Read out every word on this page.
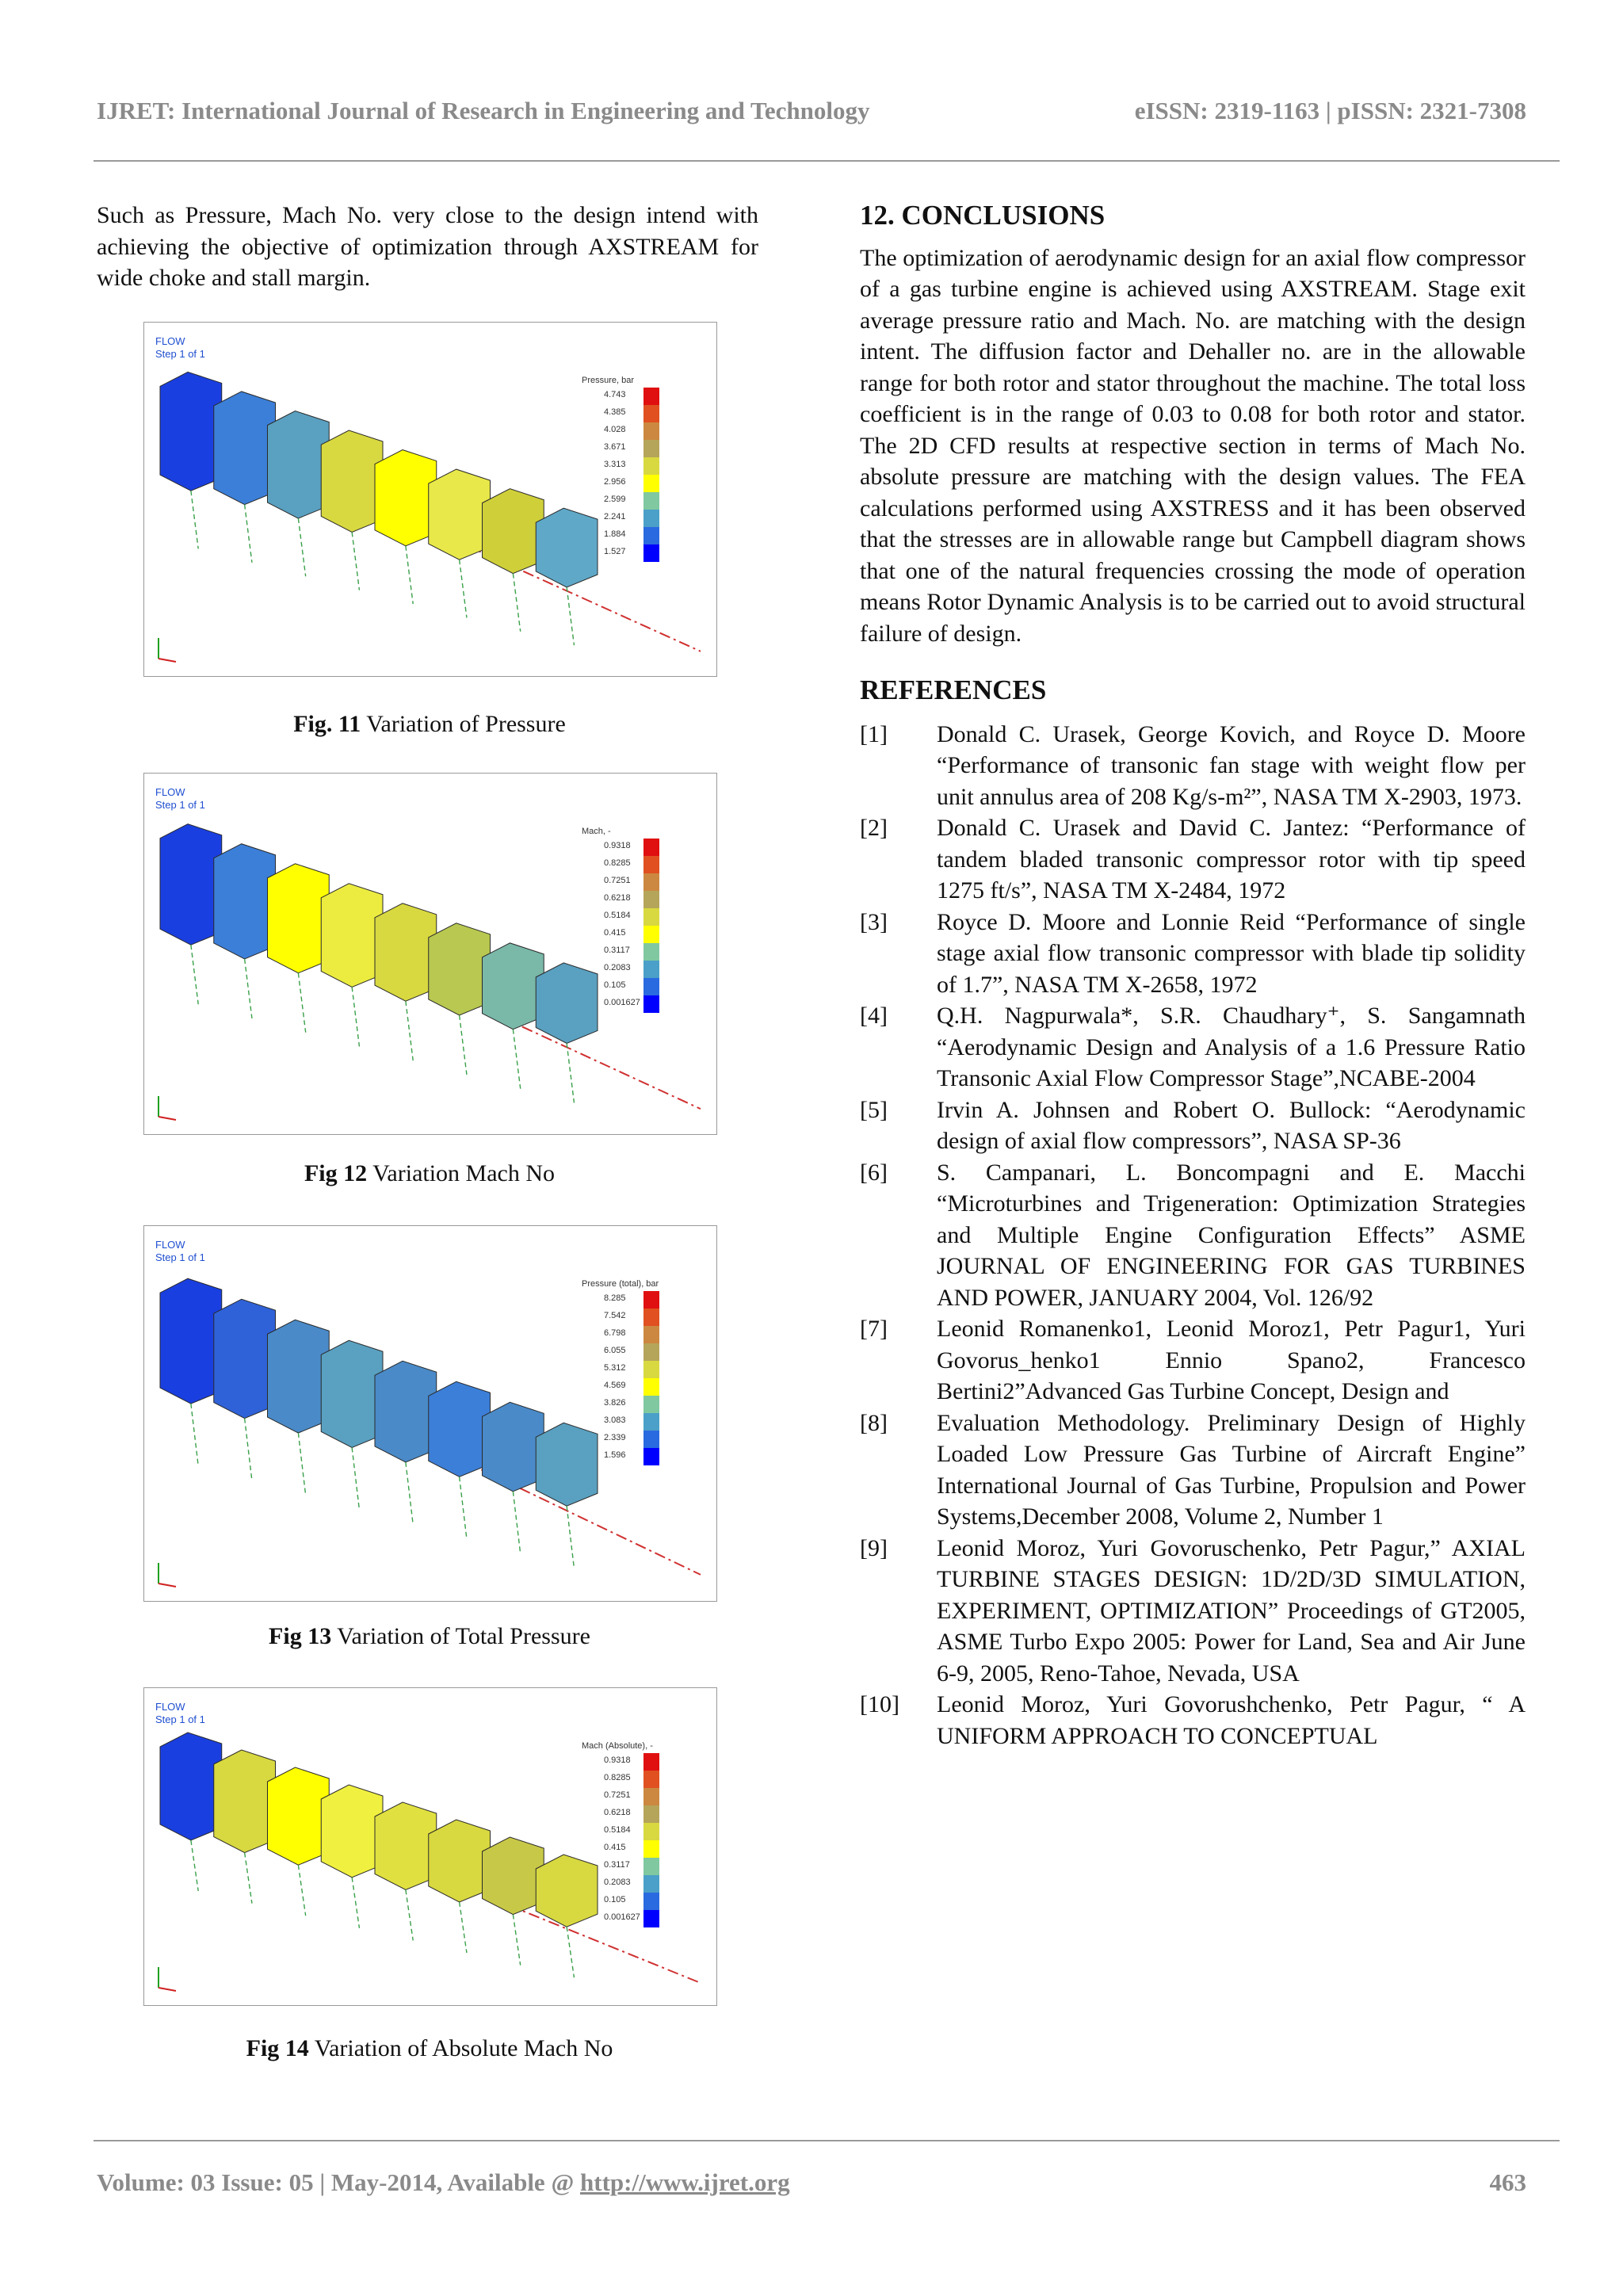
IJRET: International Journal of Research in Engineering and Technology	eISSN: 2319-1163 | pISSN: 2321-7308

Such as Pressure, Mach No. very close to the design intend with achieving the objective of optimization through AXSTREAM for wide choke and stall margin.

FLOW
Step 1 of 1
Pressure, bar
4.743
4.385
4.028
3.671
3.313
2.956
2.599
2.241
1.884
1.527
Fig. 11 Variation of Pressure
FLOW
Step 1 of 1
Mach, -
0.9318
0.8285
0.7251
0.6218
0.5184
0.415
0.3117
0.2083
0.105
0.001627
Fig 12 Variation Mach No
FLOW
Step 1 of 1
Pressure (total), bar
8.285
7.542
6.798
6.055
5.312
4.569
3.826
3.083
2.339
1.596
Fig 13 Variation of Total Pressure
FLOW
Step 1 of 1
Mach (Absolute), -
0.9318
0.8285
0.7251
0.6218
0.5184
0.415
0.3117
0.2083
0.105
0.001627
Fig 14 Variation of Absolute Mach No
12. CONCLUSIONS

The optimization of aerodynamic design for an axial flow compressor of a gas turbine engine is achieved using AXSTREAM. Stage exit average pressure ratio and Mach. No. are matching with the design intent. The diffusion factor and Dehaller no. are in the allowable range for both rotor and stator throughout the machine. The total loss coefficient is in the range of 0.03 to 0.08 for both rotor and stator. The 2D CFD results at respective section in terms of Mach No. absolute pressure are matching with the design values. The FEA calculations performed using AXSTRESS and it has been observed that the stresses are in allowable range but Campbell diagram shows that one of the natural frequencies crossing the mode of operation means Rotor Dynamic Analysis is to be carried out to avoid structural failure of design.

REFERENCES
[1] Donald C. Urasek, George Kovich, and Royce D. Moore “Performance of transonic fan stage with weight flow per unit annulus area of 208 Kg/s-m²”, NASA TM X-2903, 1973.
[2] Donald C. Urasek and David C. Jantez: “Performance of tandem bladed transonic compressor rotor with tip speed 1275 ft/s”, NASA TM X-2484, 1972
[3] Royce D. Moore and Lonnie Reid “Performance of single stage axial flow transonic compressor with blade tip solidity of 1.7”, NASA TM X-2658, 1972
[4] Q.H. Nagpurwala*, S.R. Chaudhary⁺, S. Sangamnath “Aerodynamic Design and Analysis of a 1.6 Pressure Ratio Transonic Axial Flow Compressor Stage”,NCABE-2004
[5] Irvin A. Johnsen and Robert O. Bullock: “Aerodynamic design of axial flow compressors”, NASA SP-36
[6] S. Campanari, L. Boncompagni and E. Macchi “Microturbines and Trigeneration: Optimization Strategies and Multiple Engine Configuration Effects” ASME JOURNAL OF ENGINEERING FOR GAS TURBINES AND POWER, JANUARY 2004, Vol. 126/92
[7] Leonid Romanenko1, Leonid Moroz1, Petr Pagur1, Yuri Govorus_henko1 Ennio Spano2, Francesco Bertini2”Advanced Gas Turbine Concept, Design and
[8] Evaluation Methodology. Preliminary Design of Highly Loaded Low Pressure Gas Turbine of Aircraft Engine” International Journal of Gas Turbine, Propulsion and Power Systems,December 2008, Volume 2, Number 1
[9] Leonid Moroz, Yuri Govoruschenko, Petr Pagur,” AXIAL TURBINE STAGES DESIGN: 1D/2D/3D SIMULATION, EXPERIMENT, OPTIMIZATION” Proceedings of GT2005, ASME Turbo Expo 2005: Power for Land, Sea and Air June 6-9, 2005, Reno-Tahoe, Nevada, USA
[10] Leonid Moroz, Yuri Govorushchenko, Petr Pagur, “ A UNIFORM APPROACH TO CONCEPTUAL
Volume: 03 Issue: 05 | May-2014, Available @ http://www.ijret.org	463
